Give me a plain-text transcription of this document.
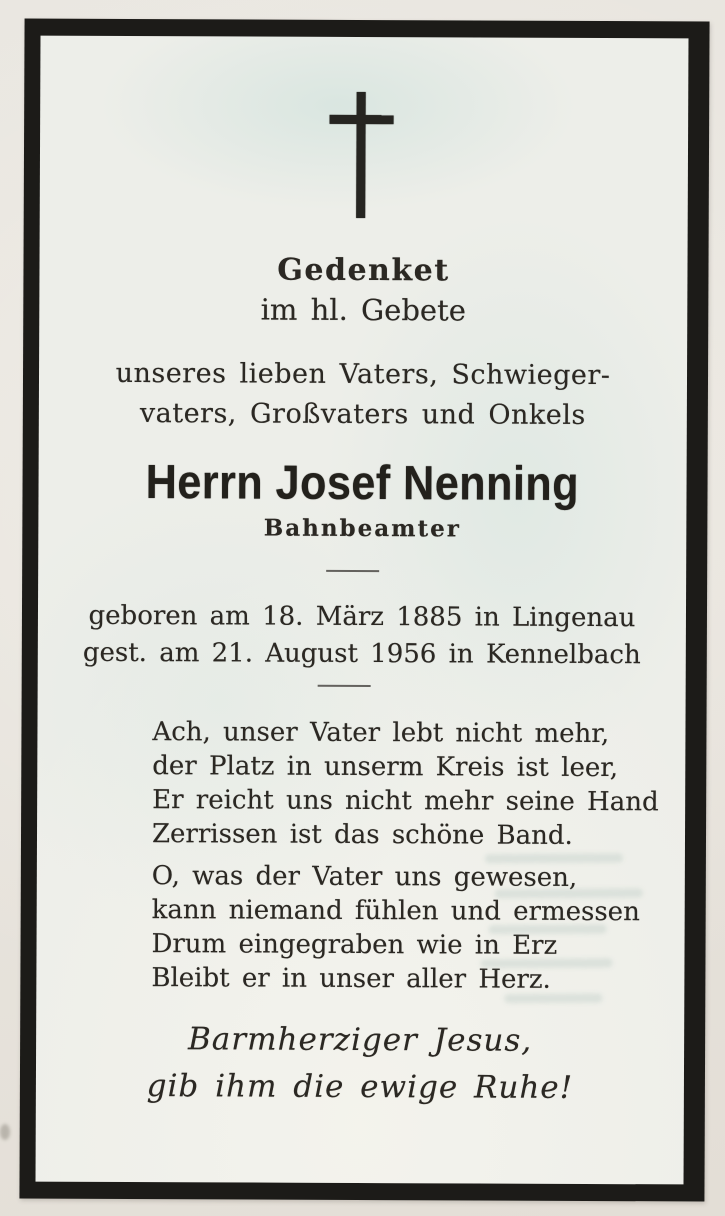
Gedenket
im hl. Gebete
unseres lieben Vaters, Schwieger-
vaters, Großvaters und Onkels
Herrn Josef Nenning
Bahnbeamter
geboren am 18. März 1885 in Lingenau
gest. am 21. August 1956 in Kennelbach
Ach, unser Vater lebt nicht mehr,
der Platz in unserm Kreis ist leer,
Er reicht uns nicht mehr seine Hand
Zerrissen ist das schöne Band.
O, was der Vater uns gewesen,
kann niemand fühlen und ermessen
Drum eingegraben wie in Erz
Bleibt er in unser aller Herz.
Barmherziger Jesus,
gib ihm die ewige Ruhe!
